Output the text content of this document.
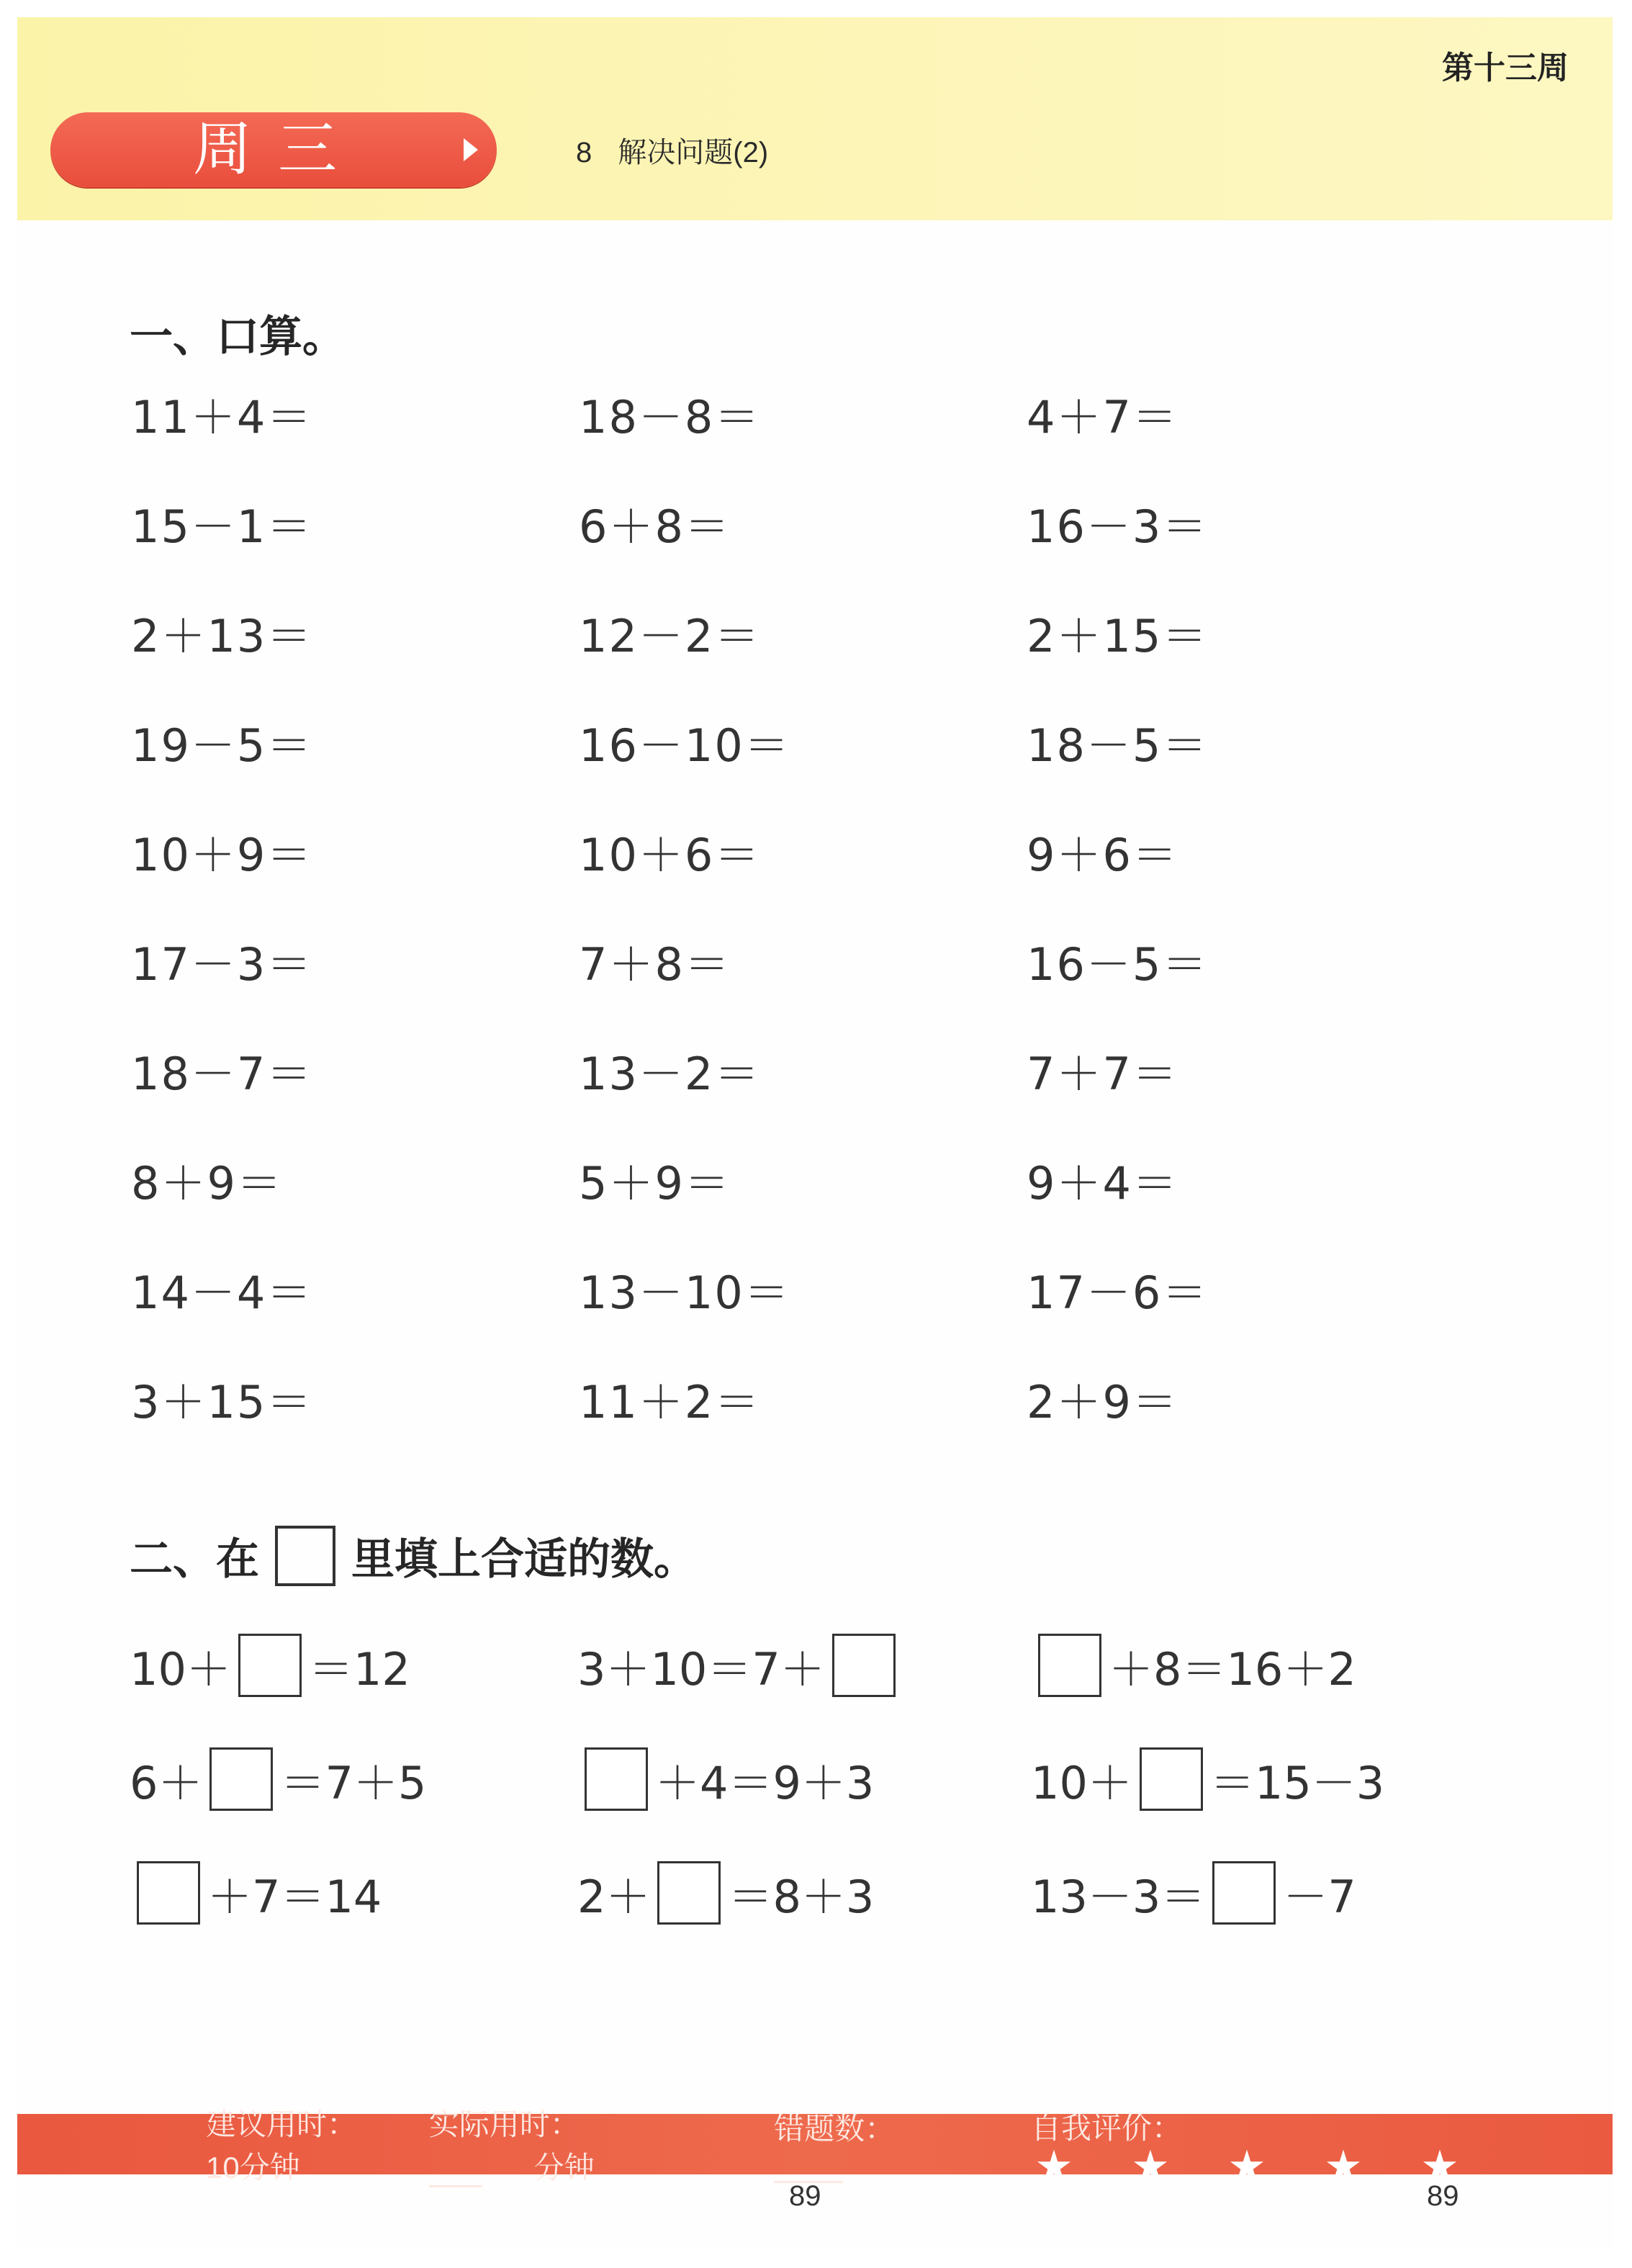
第十三周
周三	8 解决问题(2)
一、口算。
11＋4＝	18－8＝	4＋7＝
15－1＝	6＋8＝	16－3＝
2＋13＝	12－2＝	2＋15＝
19－5＝	16－10＝	18－5＝
10＋9＝	10＋6＝	9＋6＝
17－3＝	7＋8＝	16－5＝
18－7＝	13－2＝	7＋7＝
8＋9＝	5＋9＝	9＋4＝
14－4＝	13－10＝	17－6＝
3＋15＝	11＋2＝	2＋9＝
二、在 里填上合适的数。
10＋ ＝12	3＋10＝7＋	＋8＝16＋2
6＋ ＝7＋5	＋4＝9＋3	10＋ ＝15－3
＋7＝14	2＋ ＝8＋3	13－3＝ －7
建议用时：10分钟
实际用时：分钟
错题数：	自我评价：
89	89
